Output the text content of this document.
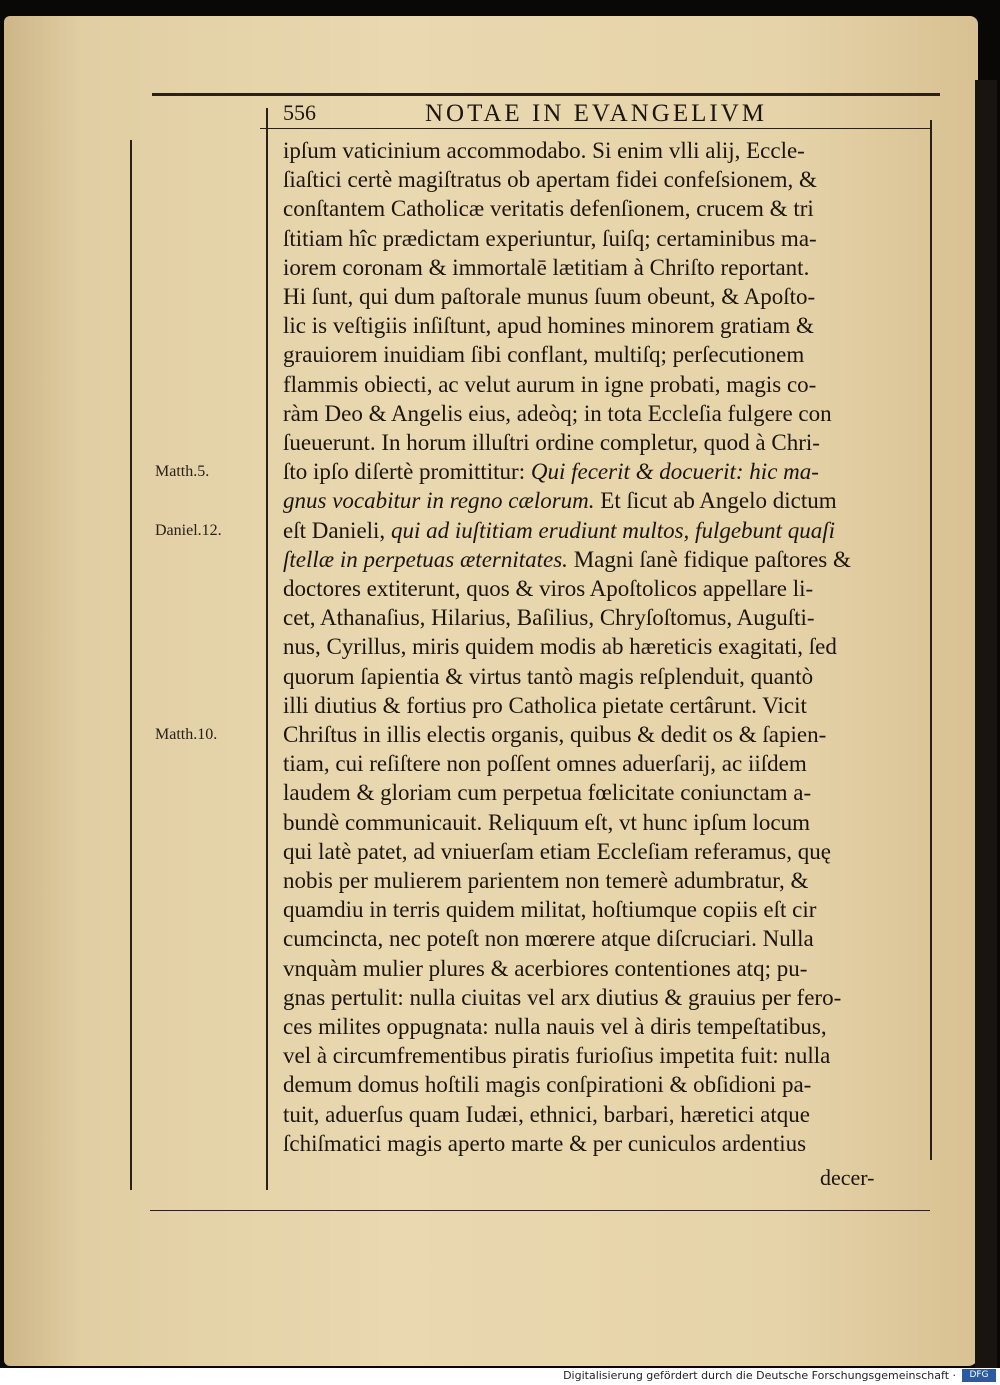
556	NOTAE IN EVANGELIVM
ipſum vaticinium accommodabo. Si enim vlli alij, Eccle-
ſiaſtici certè magiſtratus ob apertam fidei confeſsionem, &
conſtantem Catholicæ veritatis defenſionem, crucem & tri
ſtitiam hîc prædictam experiuntur, ſuiſq; certaminibus ma-
iorem coronam & immortalē lætitiam à Chriſto reportant.
Hi ſunt, qui dum paſtorale munus ſuum obeunt, & Apoſto-
lic is veſtigiis inſiſtunt, apud homines minorem gratiam &
grauiorem inuidiam ſibi conflant, multiſq; perſecutionem
flammis obiecti, ac velut aurum in igne probati, magis co-
ràm Deo & Angelis eius, adeòq; in tota Eccleſia fulgere con
ſueuerunt. In horum illuſtri ordine completur, quod à Chri-
ſto ipſo diſertè promittitur: Qui fecerit & docuerit: hic ma-
gnus vocabitur in regno cælorum. Et ſicut ab Angelo dictum
eſt Danieli, qui ad iuſtitiam erudiunt multos, fulgebunt quaſi
ſtellæ in perpetuas æternitates. Magni ſanè fidique paſtores &
doctores extiterunt, quos & viros Apoſtolicos appellare li-
cet, Athanaſius, Hilarius, Baſilius, Chryſoſtomus, Auguſti-
nus, Cyrillus, miris quidem modis ab hæreticis exagitati, ſed
quorum ſapientia & virtus tantò magis reſplenduit, quantò
illi diutius & fortius pro Catholica pietate certârunt. Vicit
Chriſtus in illis electis organis, quibus & dedit os & ſapien-
tiam, cui reſiſtere non poſſent omnes aduerſarij, ac iiſdem
laudem & gloriam cum perpetua fœlicitate coniunctam a-
bundè communicauit. Reliquum eſt, vt hunc ipſum locum
qui latè patet, ad vniuerſam etiam Eccleſiam referamus, quę
nobis per mulierem parientem non temerè adumbratur, &
quamdiu in terris quidem militat, hoſtiumque copiis eſt cir
cumcincta, nec poteſt non mœrere atque diſcruciari. Nulla
vnquàm mulier plures & acerbiores contentiones atq; pu-
gnas pertulit: nulla ciuitas vel arx diutius & grauius per fero-
ces milites oppugnata: nulla nauis vel à diris tempeſtatibus,
vel à circumfrementibus piratis furioſius impetita fuit: nulla
demum domus hoſtili magis conſpirationi & obſidioni pa-
tuit, aduerſus quam Iudæi, ethnici, barbari, hæretici atque
ſchiſmatici magis aperto marte & per cuniculos ardentius
Matth.5.
Daniel.12.
Matth.10.
decer-
Digitalisierung gefördert durch die Deutsche Forschungsgemeinschaft ·	DFG
